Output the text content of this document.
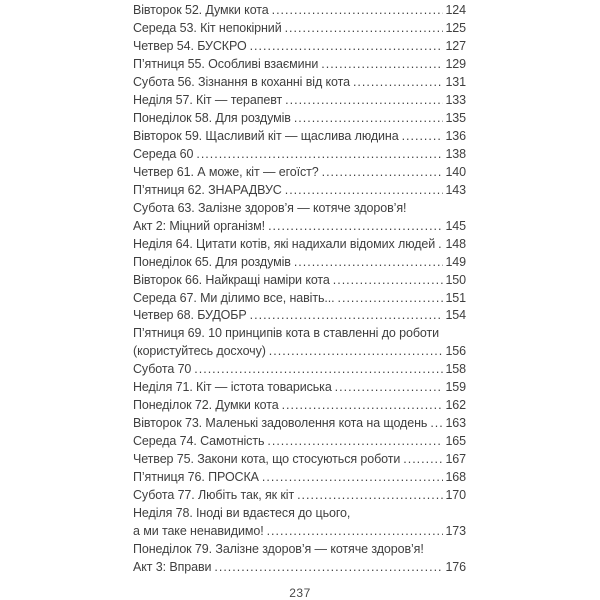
Вівторок 52. Думки кота .....	124
Середа 53. Кіт непокірний .....	125
Четвер 54. БУСКРО .....	127
П’ятниця 55. Особливі взаємини .....	129
Субота 56. Зізнання в коханні від кота .....	131
Неділя 57. Кіт — терапевт .....	133
Понеділок 58. Для роздумів .....	135
Вівторок 59. Щасливий кіт — щаслива людина .....	136
Середа 60 .....	138
Четвер 61. А може, кіт — егоїст? .....	140
П’ятниця 62. ЗНАРАДВУС .....	143
Субота 63. Залізне здоров’я — котяче здоров’я!
Акт 2: Міцний організм! .....	145
Неділя 64. Цитати котів, які надихали відомих людей ..... 148
Понеділок 65. Для роздумів .....	149
Вівторок 66. Найкращі наміри кота .....	150
Середа 67. Ми ділимо все, навіть... .....	151
Четвер 68. БУДОБР .....	154
П’ятниця 69. 10 принципів кота в ставленні до роботи
(користуйтесь досхочу) .....	156
Субота 70 .....	158
Неділя 71. Кіт — істота товариська .....	159
Понеділок 72. Думки кота .....	162
Вівторок 73. Маленькі задоволення кота на щодень ..... 163
Середа 74. Самотність .....	165
Четвер 75. Закони кота, що стосуються роботи .....	167
П’ятниця 76. ПРОСКА .....	168
Субота 77. Любіть так, як кіт .....	170
Неділя 78. Іноді ви вдаєтеся до цього,
а ми таке ненавидимо! .....	173
Понеділок 79. Залізне здоров’я — котяче здоров’я!
Акт 3: Вправи .....	176
237
